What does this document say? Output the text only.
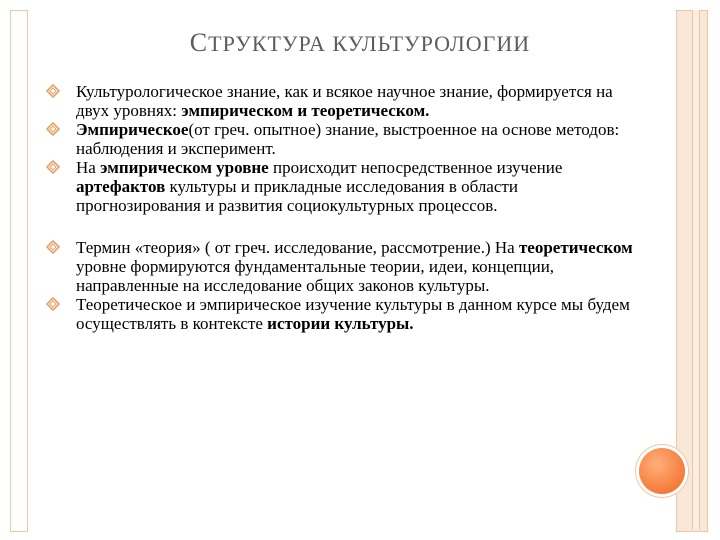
СТРУКТУРА КУЛЬТУРОЛОГИИ

Культурологическое знание, как и всякое научное знание, формируется на двух уровнях: эмпирическом и теоретическом.

Эмпирическое(от греч. опытное) знание, выстроенное на основе методов: наблюдения и эксперимент.

На эмпирическом уровне происходит непосредственное изучение артефактов культуры и прикладные исследования в области прогнозирования и развития социокультурных процессов.

Термин «теория» ( от греч. исследование, рассмотрение.) На теоретическом уровне формируются фундаментальные теории, идеи, концепции, направленные на исследование общих законов культуры.

Теоретическое и эмпирическое изучение культуры в данном курсе мы будем осуществлять в контексте истории культуры.
